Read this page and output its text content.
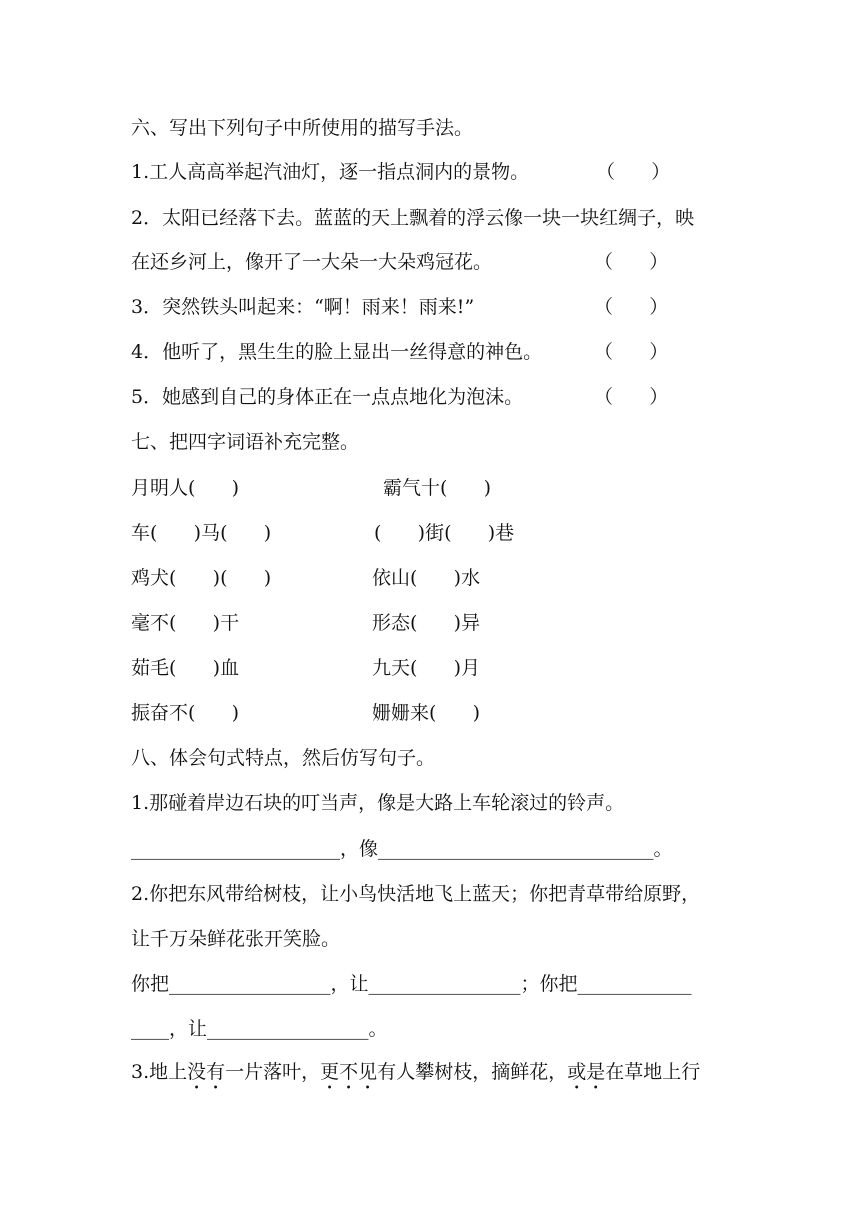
六、写出下列句子中所使用的描写手法。
1.工人高高举起汽油灯，逐一指点洞内的景物。	（      ）
2．太阳已经落下去。蓝蓝的天上飘着的浮云像一块一块红绸子，映
在还乡河上，像开了一大朵一大朵鸡冠花。	（      ）
3．突然铁头叫起来：“啊！雨来！雨来!”	（      ）
4．他听了，黑生生的脸上显出一丝得意的神色。	（      ）
5．她感到自己的身体正在一点点地化为泡沫。	（      ）
七、把四字词语补充完整。
月明人(      )	霸气十(      )
车(      )马(      )	(      )街(      )巷
鸡犬(      )(      )	依山(      )水
毫不(      )干	形态(      )异
茹毛(      )血	九天(      )月
振奋不(      )	姗姗来(      )
八、体会句式特点，然后仿写句子。
1.那碰着岸边石块的叮当声，像是大路上车轮滚过的铃声。
______________________，像_____________________________。
2.你把东风带给树枝，让小鸟快活地飞上蓝天；你把青草带给原野，
让千万朵鲜花张开笑脸。
你把_________________，让________________；你把____________
____，让_________________。
3.地上没有一片落叶，更不见有人攀树枝，摘鲜花，或是在草地上行
